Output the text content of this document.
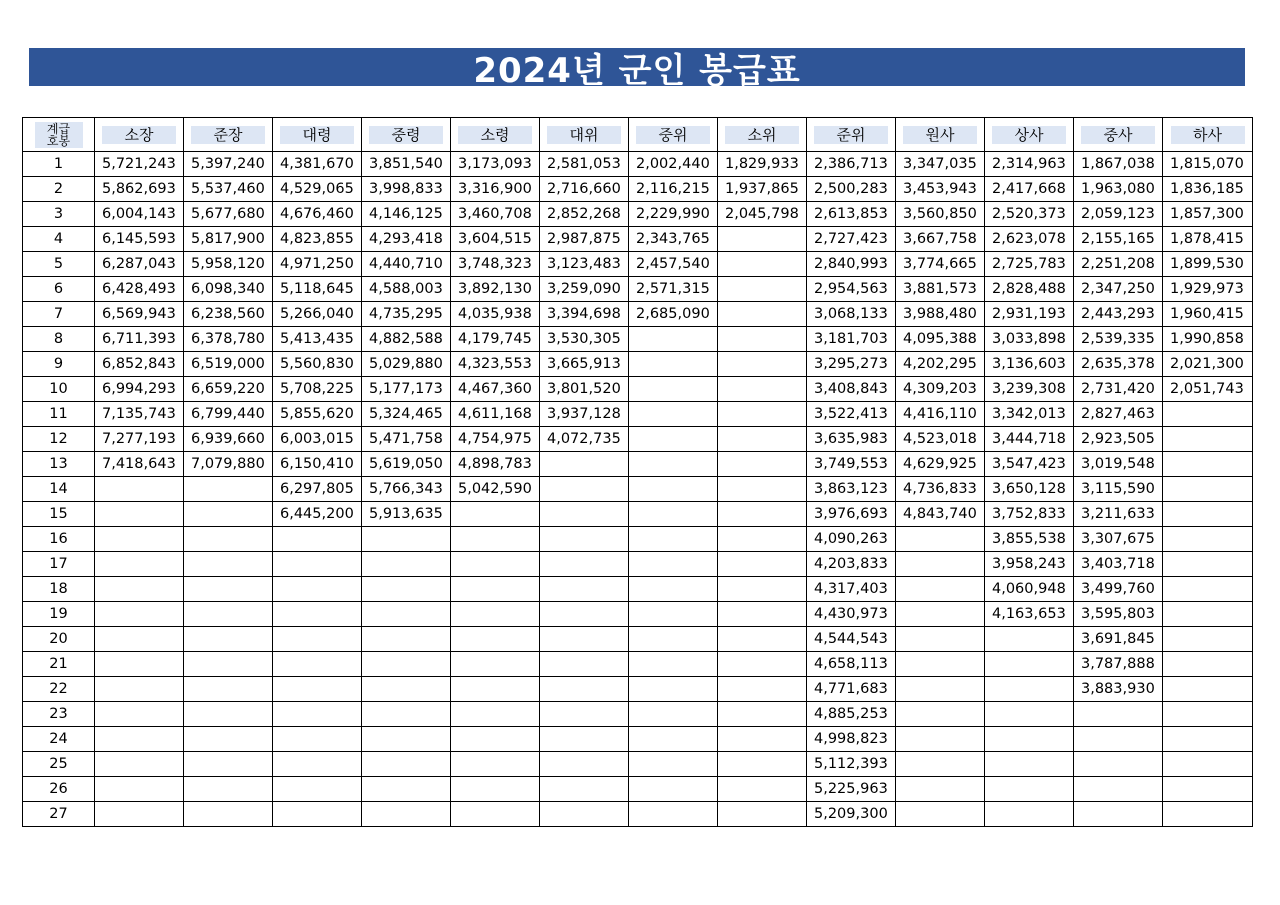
2024년 군인 봉급표
계급
호봉	소장	준장	대령	중령	소령	대위	중위	소위	준위	원사	상사	중사	하사
1	5,721,243	5,397,240	4,381,670	3,851,540	3,173,093	2,581,053	2,002,440	1,829,933	2,386,713	3,347,035	2,314,963	1,867,038	1,815,070
2	5,862,693	5,537,460	4,529,065	3,998,833	3,316,900	2,716,660	2,116,215	1,937,865	2,500,283	3,453,943	2,417,668	1,963,080	1,836,185
3	6,004,143	5,677,680	4,676,460	4,146,125	3,460,708	2,852,268	2,229,990	2,045,798	2,613,853	3,560,850	2,520,373	2,059,123	1,857,300
4	6,145,593	5,817,900	4,823,855	4,293,418	3,604,515	2,987,875	2,343,765		2,727,423	3,667,758	2,623,078	2,155,165	1,878,415
5	6,287,043	5,958,120	4,971,250	4,440,710	3,748,323	3,123,483	2,457,540		2,840,993	3,774,665	2,725,783	2,251,208	1,899,530
6	6,428,493	6,098,340	5,118,645	4,588,003	3,892,130	3,259,090	2,571,315		2,954,563	3,881,573	2,828,488	2,347,250	1,929,973
7	6,569,943	6,238,560	5,266,040	4,735,295	4,035,938	3,394,698	2,685,090		3,068,133	3,988,480	2,931,193	2,443,293	1,960,415
8	6,711,393	6,378,780	5,413,435	4,882,588	4,179,745	3,530,305			3,181,703	4,095,388	3,033,898	2,539,335	1,990,858
9	6,852,843	6,519,000	5,560,830	5,029,880	4,323,553	3,665,913			3,295,273	4,202,295	3,136,603	2,635,378	2,021,300
10	6,994,293	6,659,220	5,708,225	5,177,173	4,467,360	3,801,520			3,408,843	4,309,203	3,239,308	2,731,420	2,051,743
11	7,135,743	6,799,440	5,855,620	5,324,465	4,611,168	3,937,128			3,522,413	4,416,110	3,342,013	2,827,463	
12	7,277,193	6,939,660	6,003,015	5,471,758	4,754,975	4,072,735			3,635,983	4,523,018	3,444,718	2,923,505	
13	7,418,643	7,079,880	6,150,410	5,619,050	4,898,783				3,749,553	4,629,925	3,547,423	3,019,548	
14			6,297,805	5,766,343	5,042,590				3,863,123	4,736,833	3,650,128	3,115,590	
15			6,445,200	5,913,635					3,976,693	4,843,740	3,752,833	3,211,633	
16									4,090,263		3,855,538	3,307,675	
17									4,203,833		3,958,243	3,403,718	
18									4,317,403		4,060,948	3,499,760	
19									4,430,973		4,163,653	3,595,803	
20									4,544,543			3,691,845	
21									4,658,113			3,787,888	
22									4,771,683			3,883,930	
23									4,885,253				
24									4,998,823				
25									5,112,393				
26									5,225,963				
27									5,209,300				
